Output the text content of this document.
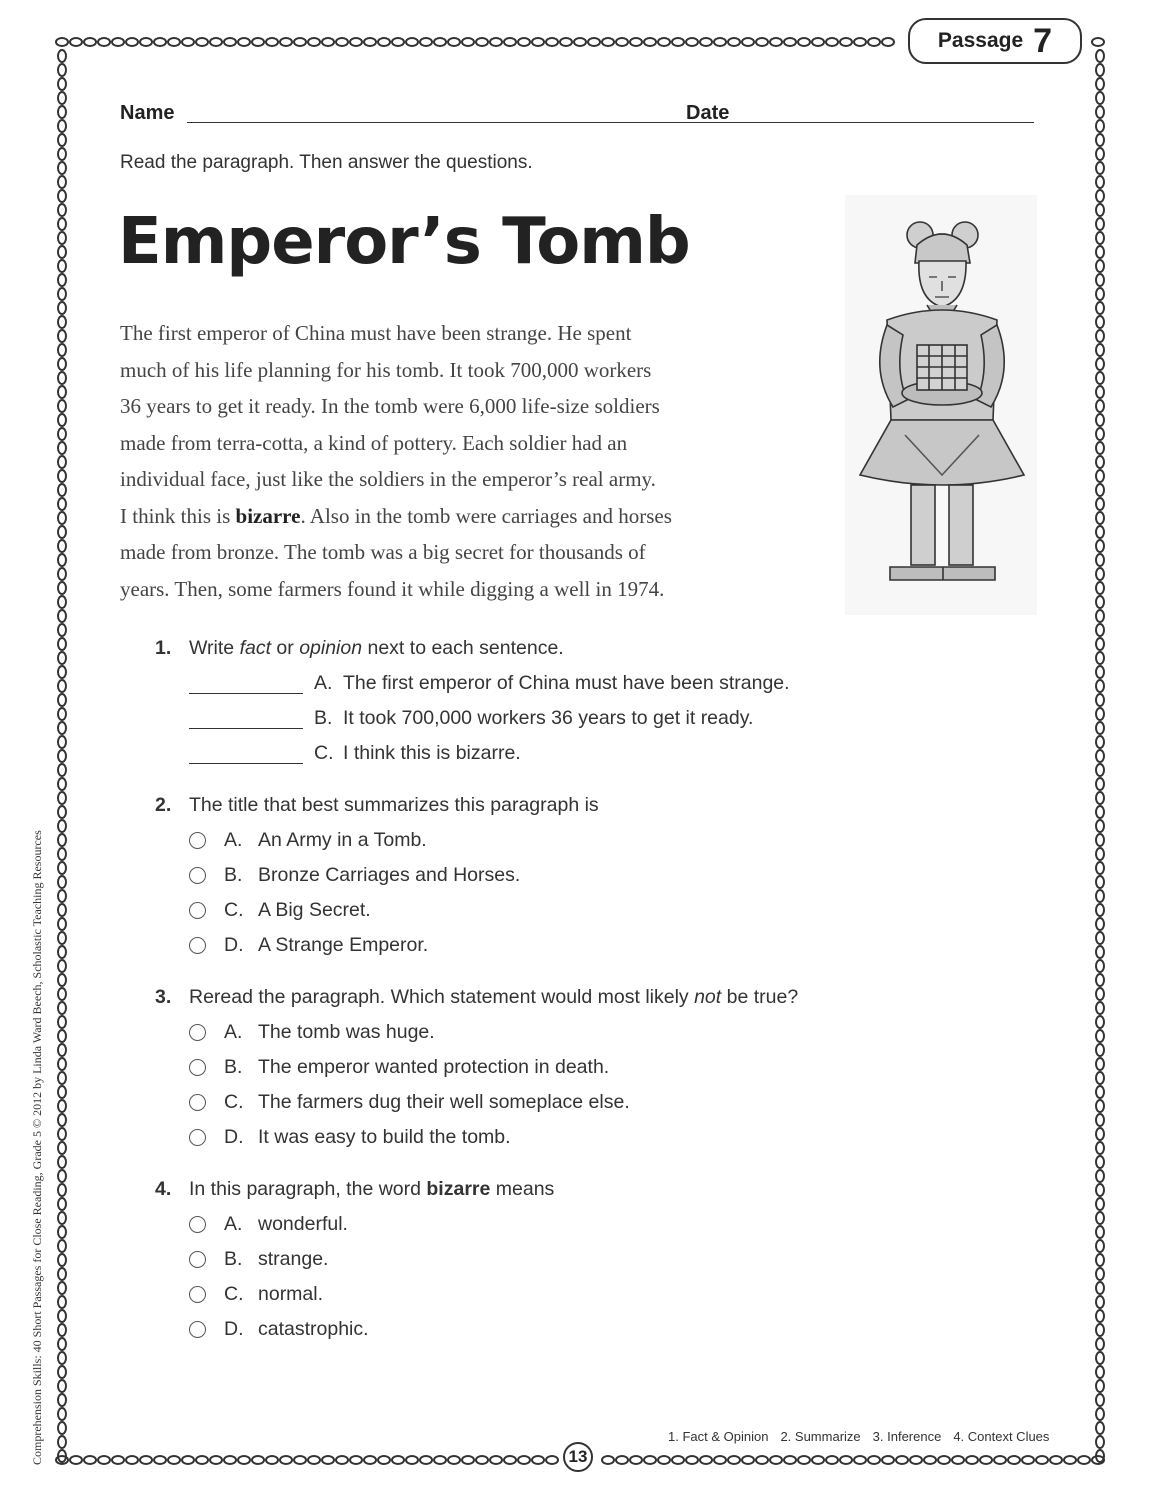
Passage 7
Name	Date
Read the paragraph. Then answer the questions.
Emperor’s Tomb
The first emperor of China must have been strange. He spent
much of his life planning for his tomb. It took 700,000 workers
36 years to get it ready. In the tomb were 6,000 life-size soldiers
made from terra-cotta, a kind of pottery. Each soldier had an
individual face, just like the soldiers in the emperor’s real army.
I think this is bizarre. Also in the tomb were carriages and horses
made from bronze. The tomb was a big secret for thousands of
years. Then, some farmers found it while digging a well in 1974.
1. Write fact or opinion next to each sentence.
A. The first emperor of China must have been strange.
B. It took 700,000 workers 36 years to get it ready.
C. I think this is bizarre.
2. The title that best summarizes this paragraph is
A. An Army in a Tomb.
B. Bronze Carriages and Horses.
C. A Big Secret.
D. A Strange Emperor.
3. Reread the paragraph. Which statement would most likely not be true?
A. The tomb was huge.
B. The emperor wanted protection in death.
C. The farmers dug their well someplace else.
D. It was easy to build the tomb.
4. In this paragraph, the word bizarre means
A. wonderful.
B. strange.
C. normal.
D. catastrophic.
1. Fact & Opinion 2. Summarize 3. Inference 4. Context Clues
13
Comprehension Skills: 40 Short Passages for Close Reading, Grade 5 © 2012 by Linda Ward Beech, Scholastic Teaching Resources
